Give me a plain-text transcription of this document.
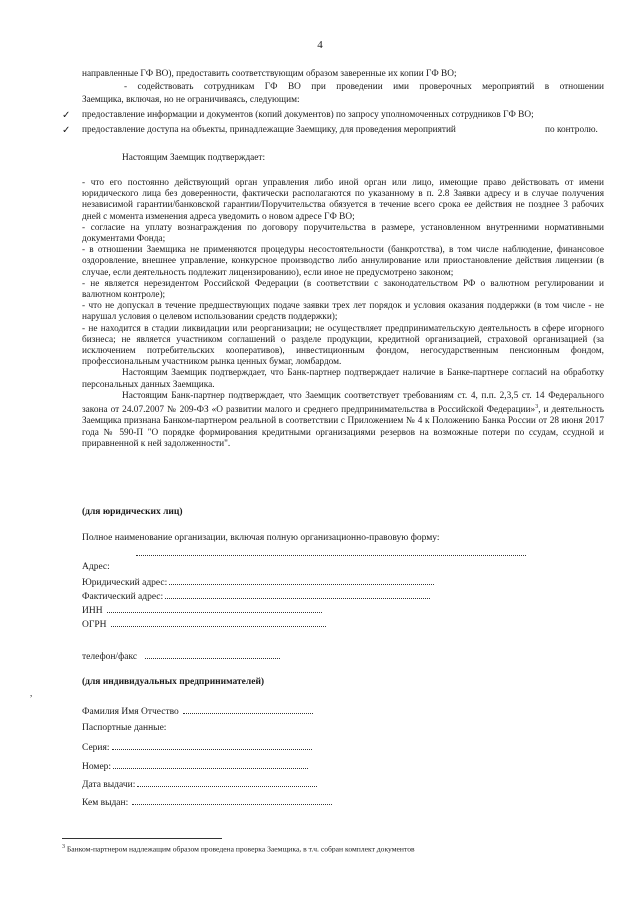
4
направленные ГФ ВО), предоставить соответствующим образом заверенные их копии ГФ ВО;
- содействовать сотрудникам ГФ ВО при проведении ими проверочных мероприятий в отношении
Заемщика, включая, но не ограничиваясь, следующим:
✓ предоставление информации и документов (копий документов) по запросу уполномоченных сотрудников ГФ ВО;
✓ предоставление доступа на объекты, принадлежащие Заемщику, для проведения мероприятий	по контролю.
Настоящим Заемщик подтверждает:

- что его постоянно действующий орган управления либо иной орган или лицо, имеющие право действовать от имени юридического лица без доверенности, фактически располагаются по указанному в п. 2.8 Заявки адресу и в случае получения независимой гарантии/банковской гарантии/Поручительства обязуется в течение всего срока ее действия не позднее 3 рабочих дней с момента изменения адреса уведомить о новом адресе ГФ ВО;

- согласие на уплату вознаграждения по договору поручительства в размере, установленном внутренними нормативными документами Фонда;

- в отношении Заемщика не применяются процедуры несостоятельности (банкротства), в том числе наблюдение, финансовое оздоровление, внешнее управление, конкурсное производство либо аннулирование или приостановление действия лицензии (в случае, если деятельность подлежит лицензированию), если иное не предусмотрено законом;

- не является нерезидентом Российской Федерации (в соответствии с законодательством РФ о валютном регулировании и валютном контроле);

- что не допускал в течение предшествующих подаче заявки трех лет порядок и условия оказания поддержки (в том числе - не нарушал условия о целевом использовании средств поддержки);

- не находится в стадии ликвидации или реорганизации; не осуществляет предпринимательскую деятельность в сфере игорного бизнеса; не является участником соглашений о разделе продукции, кредитной организацией, страховой организацией (за исключением потребительских кооперативов), инвестиционным фондом, негосударственным пенсионным фондом, профессиональным участником рынка ценных бумаг, ломбардом.

Настоящим Заемщик подтверждает, что Банк-партнер подтверждает наличие в Банке-партнере согласий на обработку персональных данных Заемщика.

Настоящим Банк-партнер подтверждает, что Заемщик соответствует требованиям ст. 4, п.п. 2,3,5 ст. 14 Федерального закона от 24.07.2007 № 209-ФЗ «О развитии малого и среднего предпринимательства в Российской Федерации»$^3$, и деятельность Заемщика признана Банком-партнером реальной в соответствии с Приложением № 4 к Положению Банка России от 28 июня 2017 года № 590-П "О порядке формирования кредитными организациями резервов на возможные потери по ссудам, ссудной и приравненной к ней задолженности".

(для юридических лиц)
Полное наименование организации, включая полную организационно-правовую форму:
Адрес:
Юридический адрес:
Фактический адрес:
ИНН
ОГРН
телефон/факс
,
(для индивидуальных предпринимателей)
Фамилия Имя Отчество
Паспортные данные:
Серия:
Номер:
Дата выдачи:
Кем выдан:
$^3$ Банком-партнером надлежащим образом проведена проверка Заемщика, в т.ч. собран комплект документов
